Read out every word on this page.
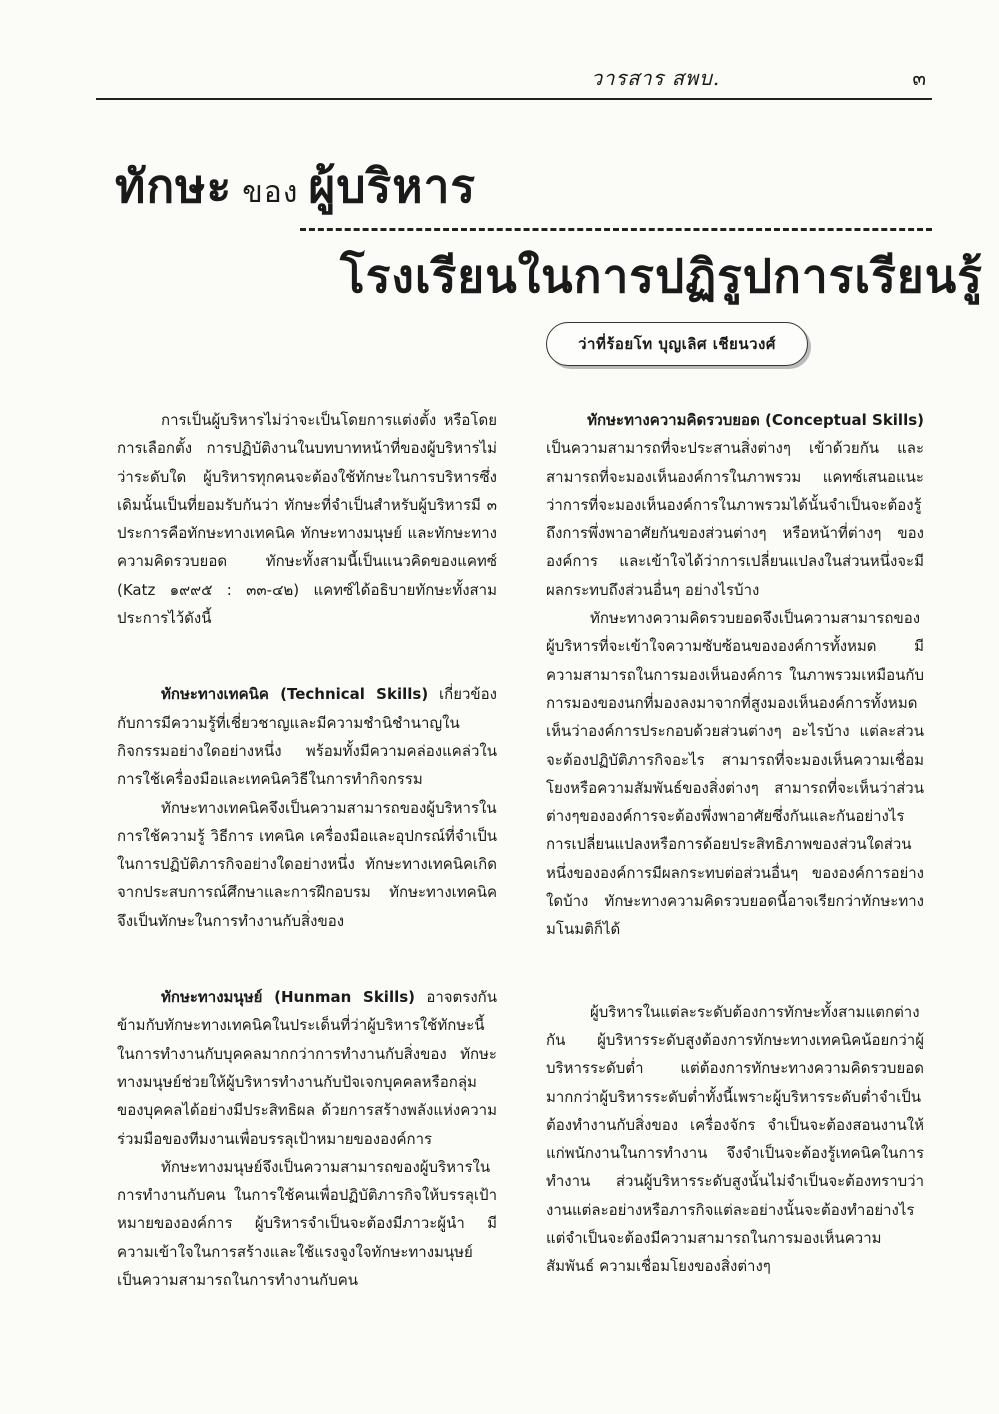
วารสาร สพบ.	๓
ทักษะ ของ ผู้บริหาร
โรงเรียนในการปฏิรูปการเรียนรู้
ว่าที่ร้อยโท บุญเลิศ เชียนวงศ์

การเป็นผู้บริหารไม่ว่าจะเป็นโดยการแต่งตั้ง หรือโดยการเลือกตั้ง การปฏิบัติงานในบทบาทหน้าที่ของผู้บริหารไม่ว่าระดับใด ผู้บริหารทุกคนจะต้องใช้ทักษะในการบริหารซึ่งเดิมนั้นเป็นที่ยอมรับกันว่า ทักษะที่จำเป็นสำหรับผู้บริหารมี ๓ ประการคือทักษะทางเทคนิค ทักษะทางมนุษย์ และทักษะทางความคิดรวบยอด ทักษะทั้งสามนี้เป็นแนวคิดของแคทซ์ (Katz ๑๙๙๕ : ๓๓-๔๒) แคทซ์ได้อธิบายทักษะทั้งสามประการไว้ดังนี้

ทักษะทางเทคนิค (Technical Skills) เกี่ยวข้องกับการมีความรู้ที่เชี่ยวชาญและมีความชำนิชำนาญในกิจกรรมอย่างใดอย่างหนึ่ง พร้อมทั้งมีความคล่องแคล่วในการใช้เครื่องมือและเทคนิควิธีในการทำกิจกรรม

ทักษะทางเทคนิคจึงเป็นความสามารถของผู้บริหารในการใช้ความรู้ วิธีการ เทคนิค เครื่องมือและอุปกรณ์ที่จำเป็นในการปฏิบัติภารกิจอย่างใดอย่างหนึ่ง ทักษะทางเทคนิคเกิดจากประสบการณ์ศึกษาและการฝึกอบรม ทักษะทางเทคนิคจึงเป็นทักษะในการทำงานกับสิ่งของ

ทักษะทางมนุษย์ (Hunman Skills) อาจตรงกันข้ามกับทักษะทางเทคนิคในประเด็นที่ว่าผู้บริหารใช้ทักษะนี้ในการทำงานกับบุคคลมากกว่าการทำงานกับสิ่งของ ทักษะทางมนุษย์ช่วยให้ผู้บริหารทำงานกับปัจเจกบุคคลหรือกลุ่มของบุคคลได้อย่างมีประสิทธิผล ด้วยการสร้างพลังแห่งความร่วมมือของทีมงานเพื่อบรรลุเป้าหมายขององค์การ

ทักษะทางมนุษย์จึงเป็นความสามารถของผู้บริหารในการทำงานกับคน ในการใช้คนเพื่อปฏิบัติภารกิจให้บรรลุเป้าหมายขององค์การ ผู้บริหารจำเป็นจะต้องมีภาวะผู้นำ มีความเข้าใจในการสร้างและใช้แรงจูงใจทักษะทางมนุษย์เป็นความสามารถในการทำงานกับคน

ทักษะทางความคิดรวบยอด (Conceptual Skills)

เป็นความสามารถที่จะประสานสิ่งต่างๆ เข้าด้วยกัน และสามารถที่จะมองเห็นองค์การในภาพรวม แคทซ์เสนอแนะว่าการที่จะมองเห็นองค์การในภาพรวมได้นั้นจำเป็นจะต้องรู้ถึงการพึ่งพาอาศัยกันของส่วนต่างๆ หรือหน้าที่ต่างๆ ขององค์การ และเข้าใจได้ว่าการเปลี่ยนแปลงในส่วนหนึ่งจะมีผลกระทบถึงส่วนอื่นๆ อย่างไรบ้าง

ทักษะทางความคิดรวบยอดจึงเป็นความสามารถของผู้บริหารที่จะเข้าใจความซับซ้อนขององค์การทั้งหมด มีความสามารถในการมองเห็นองค์การ ในภาพรวมเหมือนกับการมองของนกที่มองลงมาจากที่สูงมองเห็นองค์การทั้งหมด เห็นว่าองค์การประกอบด้วยส่วนต่างๆ อะไรบ้าง แต่ละส่วนจะต้องปฏิบัติภารกิจอะไร สามารถที่จะมองเห็นความเชื่อมโยงหรือความสัมพันธ์ของสิ่งต่างๆ สามารถที่จะเห็นว่าส่วนต่างๆขององค์การจะต้องพึ่งพาอาศัยซึ่งกันและกันอย่างไร การเปลี่ยนแปลงหรือการด้อยประสิทธิภาพของส่วนใดส่วนหนึ่งขององค์การมีผลกระทบต่อส่วนอื่นๆ ขององค์การอย่างใดบ้าง ทักษะทางความคิดรวบยอดนี้อาจเรียกว่าทักษะทางมโนมติก็ได้

ผู้บริหารในแต่ละระดับต้องการทักษะทั้งสามแตกต่างกัน ผู้บริหารระดับสูงต้องการทักษะทางเทคนิคน้อยกว่าผู้บริหารระดับต่ำ แต่ต้องการทักษะทางความคิดรวบยอดมากกว่าผู้บริหารระดับต่ำทั้งนี้เพราะผู้บริหารระดับต่ำจำเป็นต้องทำงานกับสิ่งของ เครื่องจักร จำเป็นจะต้องสอนงานให้แก่พนักงานในการทำงาน จึงจำเป็นจะต้องรู้เทคนิคในการทำงาน ส่วนผู้บริหารระดับสูงนั้นไม่จำเป็นจะต้องทราบว่างานแต่ละอย่างหรือภารกิจแต่ละอย่างนั้นจะต้องทำอย่างไร แต่จำเป็นจะต้องมีความสามารถในการมองเห็นความสัมพันธ์ ความเชื่อมโยงของสิ่งต่างๆ
